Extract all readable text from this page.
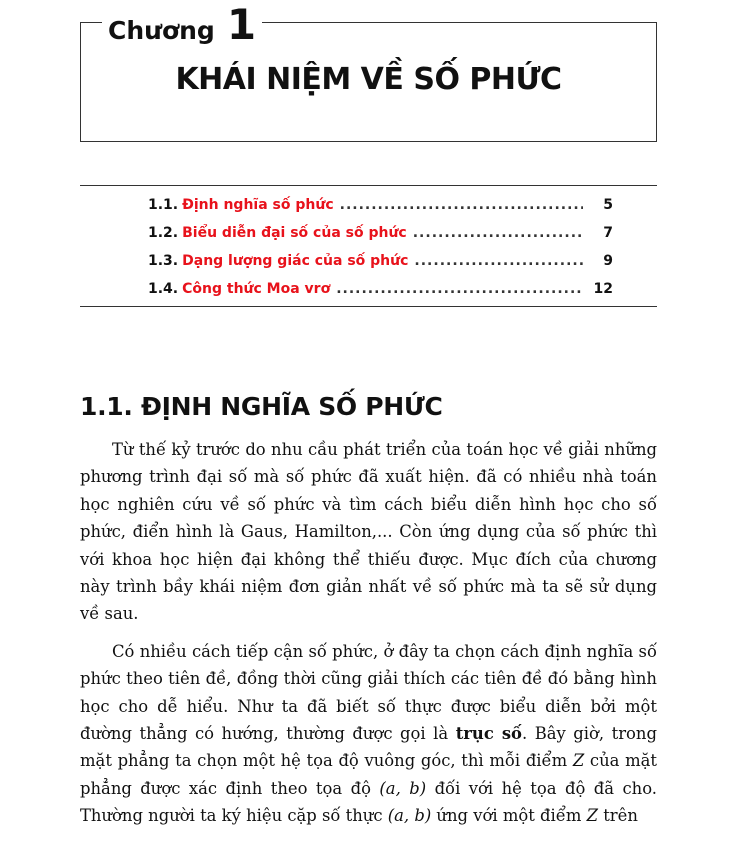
Chương 1
KHÁI NIỆM VỀ SỐ PHỨC
1.1. Định nghĩa số phức .....	5
1.2. Biểu diễn đại số của số phức .....	7
1.3. Dạng lượng giác của số phức .....	9
1.4. Công thức Moa vrơ .....	12
1.1. ĐỊNH NGHĨA SỐ PHỨC

Từ thế kỷ trước do nhu cầu phát triển của toán học về giải những phương trình đại số mà số phức đã xuất hiện. đã có nhiều nhà toán học nghiên cứu về số phức và tìm cách biểu diễn hình học cho số phức, điển hình là Gaus, Hamilton,... Còn ứng dụng của số phức thì với khoa học hiện đại không thể thiếu được. Mục đích của chương này trình bầy khái niệm đơn giản nhất về số phức mà ta sẽ sử dụng về sau.

Có nhiều cách tiếp cận số phức, ở đây ta chọn cách định nghĩa số phức theo tiên đề, đồng thời cũng giải thích các tiên đề đó bằng hình học cho dễ hiểu. Như ta đã biết số thực được biểu diễn bởi một đường thẳng có hướng, thường được gọi là trục số. Bây giờ, trong mặt phẳng ta chọn một hệ tọa độ vuông góc, thì mỗi điểm Z của mặt phẳng được xác định theo tọa độ (a, b) đối với hệ tọa độ đã cho. Thường người ta ký hiệu cặp số thực (a, b) ứng với một điểm Z trên
